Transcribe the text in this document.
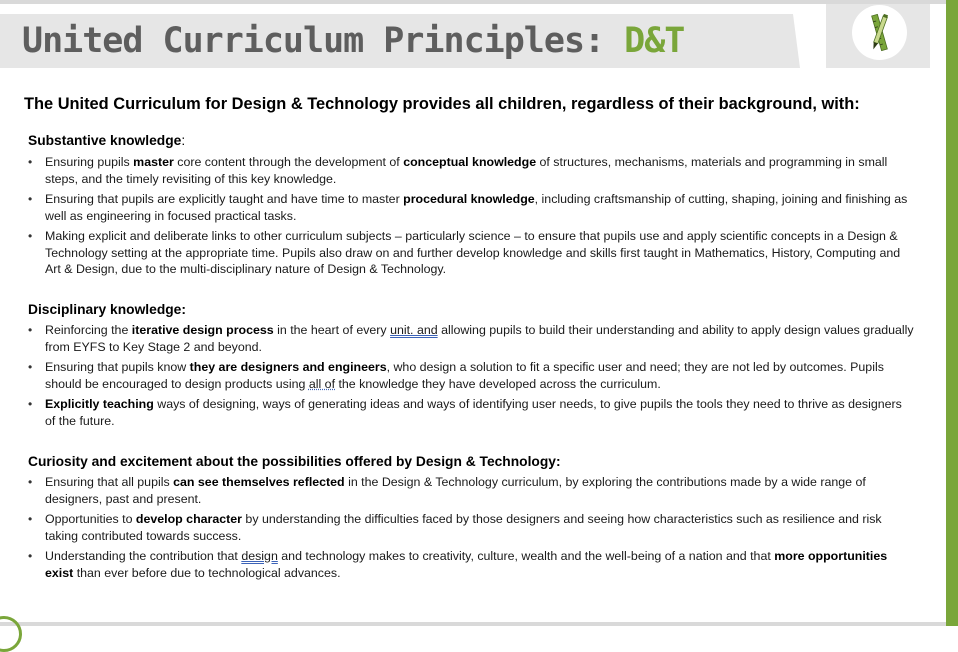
United Curriculum Principles: D&T

The United Curriculum for Design & Technology provides all children, regardless of their background, with:

Substantive knowledge:

• Ensuring pupils master core content through the development of conceptual knowledge of structures, mechanisms, materials and programming in small steps, and the timely revisiting of this key knowledge.
• Ensuring that pupils are explicitly taught and have time to master procedural knowledge, including craftsmanship of cutting, shaping, joining and finishing as well as engineering in focused practical tasks.
• Making explicit and deliberate links to other curriculum subjects – particularly science – to ensure that pupils use and apply scientific concepts in a Design & Technology setting at the appropriate time. Pupils also draw on and further develop knowledge and skills first taught in Mathematics, History, Computing and Art & Design, due to the multi-disciplinary nature of Design & Technology.

Disciplinary knowledge:

• Reinforcing the iterative design process in the heart of every unit. and allowing pupils to build their understanding and ability to apply design values gradually from EYFS to Key Stage 2 and beyond.
• Ensuring that pupils know they are designers and engineers, who design a solution to fit a specific user and need; they are not led by outcomes. Pupils should be encouraged to design products using all of the knowledge they have developed across the curriculum.
• Explicitly teaching ways of designing, ways of generating ideas and ways of identifying user needs, to give pupils the tools they need to thrive as designers of the future.

Curiosity and excitement about the possibilities offered by Design & Technology:

• Ensuring that all pupils can see themselves reflected in the Design & Technology curriculum, by exploring the contributions made by a wide range of designers, past and present.
• Opportunities to develop character by understanding the difficulties faced by those designers and seeing how characteristics such as resilience and risk taking contributed towards success.
• Understanding the contribution that design and technology makes to creativity, culture, wealth and the well-being of a nation and that more opportunities exist than ever before due to technological advances.
